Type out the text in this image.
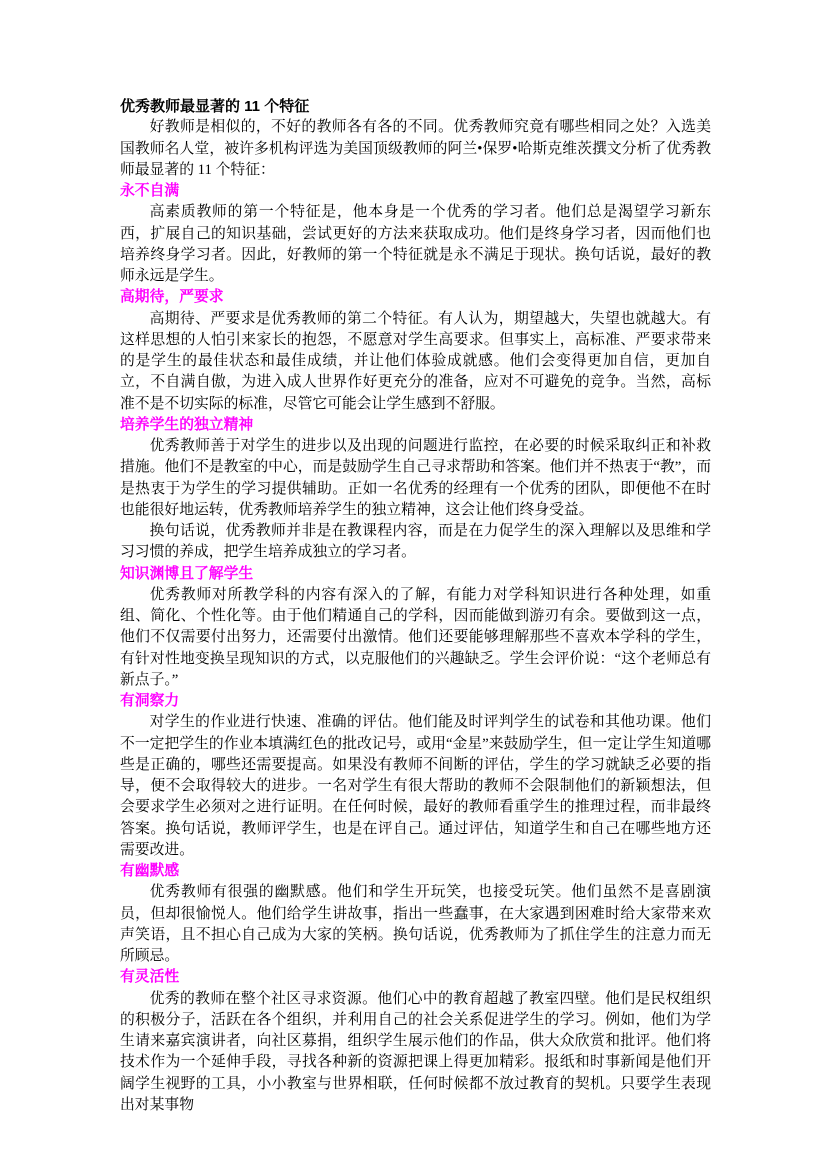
优秀教师最显著的 11 个特征

好教师是相似的，不好的教师各有各的不同。优秀教师究竟有哪些相同之处？入选美国教师名人堂，被许多机构评选为美国顶级教师的阿兰•保罗•哈斯克维茨撰文分析了优秀教师最显著的 11 个特征：

永不自满

高素质教师的第一个特征是，他本身是一个优秀的学习者。他们总是渴望学习新东西，扩展自己的知识基础，尝试更好的方法来获取成功。他们是终身学习者，因而他们也培养终身学习者。因此，好教师的第一个特征就是永不满足于现状。换句话说，最好的教师永远是学生。

高期待，严要求

高期待、严要求是优秀教师的第二个特征。有人认为，期望越大，失望也就越大。有这样思想的人怕引来家长的抱怨，不愿意对学生高要求。但事实上，高标准、严要求带来的是学生的最佳状态和最佳成绩，并让他们体验成就感。他们会变得更加自信，更加自立，不自满自傲，为进入成人世界作好更充分的准备，应对不可避免的竞争。当然，高标准不是不切实际的标准，尽管它可能会让学生感到不舒服。

培养学生的独立精神

优秀教师善于对学生的进步以及出现的问题进行监控，在必要的时候采取纠正和补救措施。他们不是教室的中心，而是鼓励学生自己寻求帮助和答案。他们并不热衷于“教”，而是热衷于为学生的学习提供辅助。正如一名优秀的经理有一个优秀的团队，即便他不在时也能很好地运转，优秀教师培养学生的独立精神，这会让他们终身受益。

换句话说，优秀教师并非是在教课程内容，而是在力促学生的深入理解以及思维和学习习惯的养成，把学生培养成独立的学习者。

知识渊博且了解学生

优秀教师对所教学科的内容有深入的了解，有能力对学科知识进行各种处理，如重组、简化、个性化等。由于他们精通自己的学科，因而能做到游刃有余。要做到这一点，他们不仅需要付出努力，还需要付出激情。他们还要能够理解那些不喜欢本学科的学生，有针对性地变换呈现知识的方式，以克服他们的兴趣缺乏。学生会评价说：“这个老师总有新点子。”

有洞察力

对学生的作业进行快速、准确的评估。他们能及时评判学生的试卷和其他功课。他们不一定把学生的作业本填满红色的批改记号，或用“金星”来鼓励学生，但一定让学生知道哪些是正确的，哪些还需要提高。如果没有教师不间断的评估，学生的学习就缺乏必要的指导，便不会取得较大的进步。一名对学生有很大帮助的教师不会限制他们的新颖想法，但会要求学生必须对之进行证明。在任何时候，最好的教师看重学生的推理过程，而非最终答案。换句话说，教师评学生，也是在评自己。通过评估，知道学生和自己在哪些地方还需要改进。

有幽默感

优秀教师有很强的幽默感。他们和学生开玩笑，也接受玩笑。他们虽然不是喜剧演员，但却很愉悦人。他们给学生讲故事，指出一些蠢事，在大家遇到困难时给大家带来欢声笑语，且不担心自己成为大家的笑柄。换句话说，优秀教师为了抓住学生的注意力而无所顾忌。

有灵活性

优秀的教师在整个社区寻求资源。他们心中的教育超越了教室四壁。他们是民权组织的积极分子，活跃在各个组织，并利用自己的社会关系促进学生的学习。例如，他们为学生请来嘉宾演讲者，向社区募捐，组织学生展示他们的作品，供大众欣赏和批评。他们将技术作为一个延伸手段，寻找各种新的资源把课上得更加精彩。报纸和时事新闻是他们开阔学生视野的工具，小小教室与世界相联，任何时候都不放过教育的契机。只要学生表现出对某事物
